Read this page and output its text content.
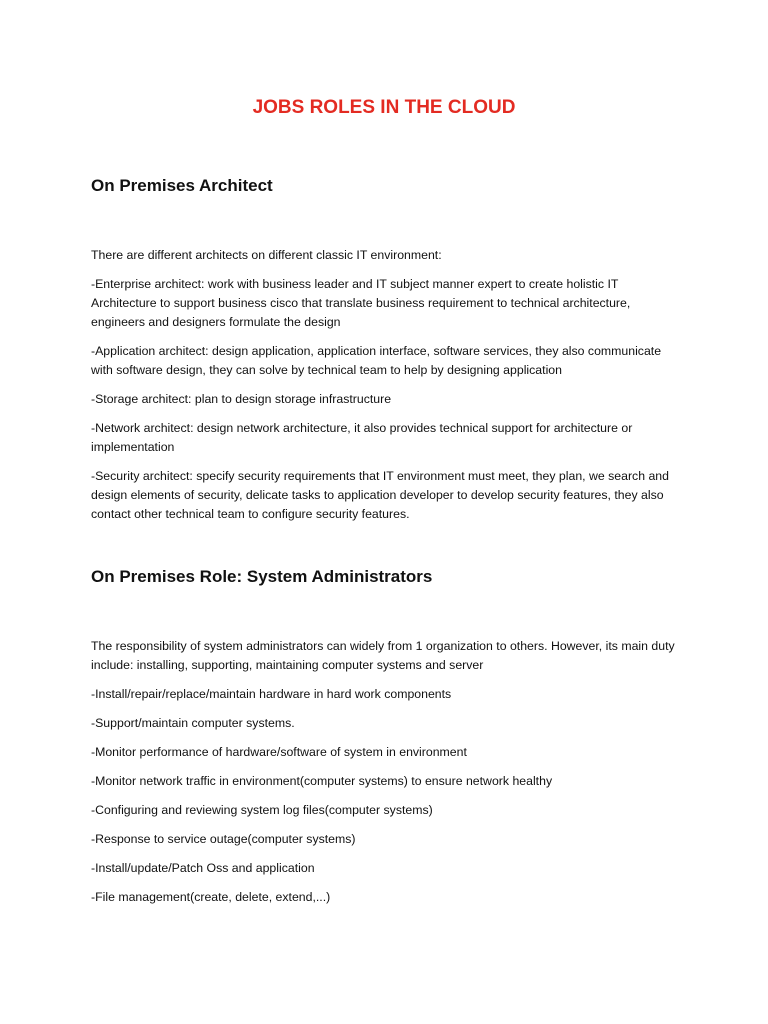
JOBS ROLES IN THE CLOUD
On Premises Architect

There are different architects on different classic IT environment:

-Enterprise architect: work with business leader and IT subject manner expert to create holistic IT Architecture to support business cisco that translate business requirement to technical architecture, engineers and designers formulate the design

-Application architect: design application, application interface, software services, they also communicate with software design, they can solve by technical team to help by designing application

-Storage architect: plan to design storage infrastructure

-Network architect: design network architecture, it also provides technical support for architecture or implementation

-Security architect: specify security requirements that IT environment must meet, they plan, we search and design elements of security, delicate tasks to application developer to develop security features, they also contact other technical team to configure security features.

On Premises Role: System Administrators

The responsibility of system administrators can widely from 1 organization to others. However, its main duty include: installing, supporting, maintaining computer systems and server

-Install/repair/replace/maintain hardware in hard work components

-Support/maintain computer systems.

-Monitor performance of hardware/software of system in environment

-Monitor network traffic in environment(computer systems) to ensure network healthy

-Configuring and reviewing system log files(computer systems)

-Response to service outage(computer systems)

-Install/update/Patch Oss and application

-File management(create, delete, extend,...)
